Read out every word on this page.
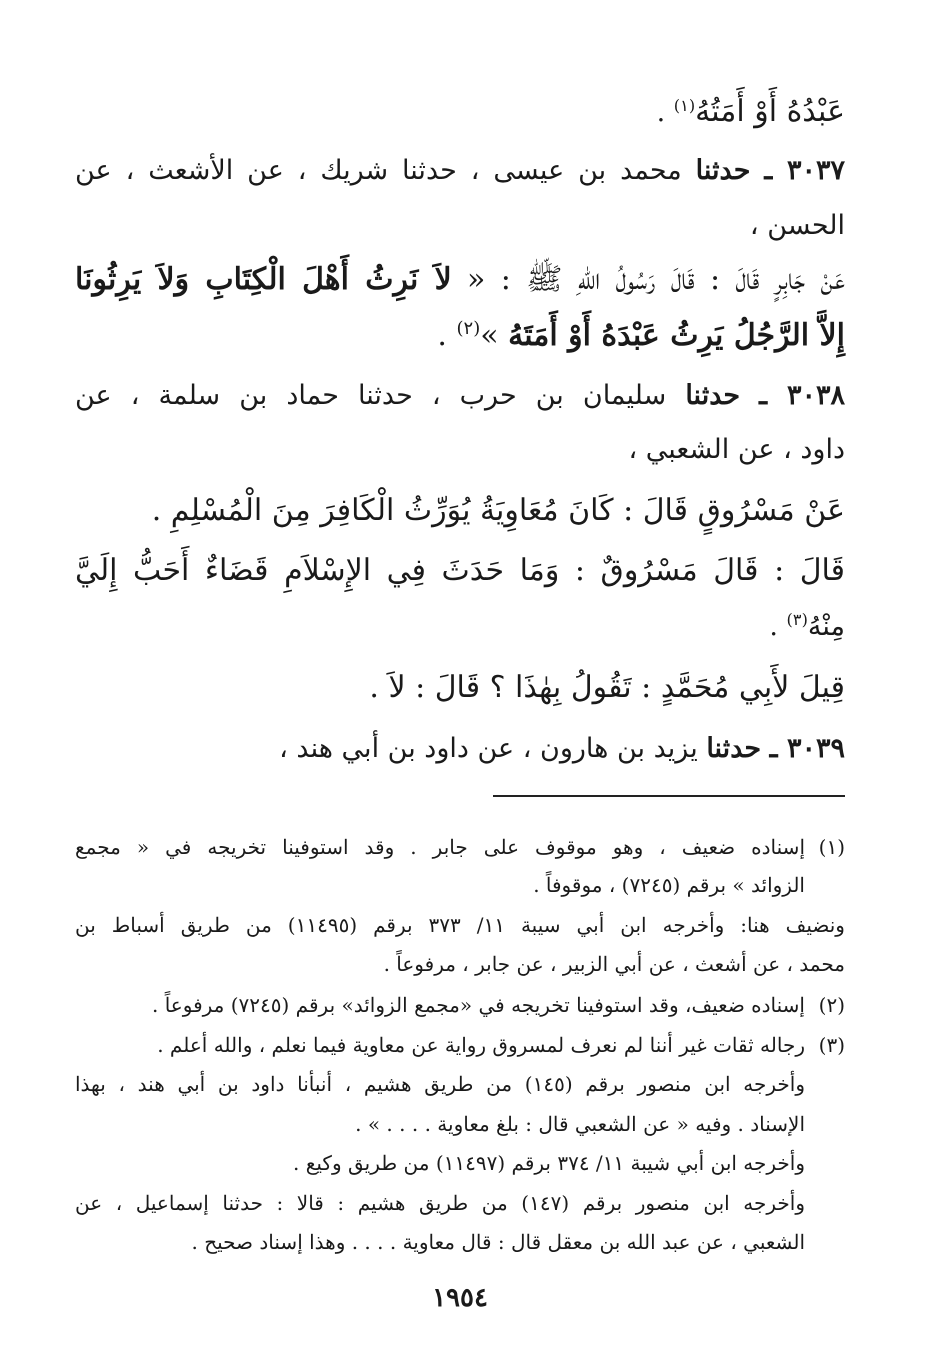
عَبْدُهُ أَوْ أَمَتُهُ$^{(١)}$ .
٣٠٣٧ ـ حدثنا محمد بن عيسى ، حدثنا شريك ، عن الأشعث ، عن
الحسن ،
عَنْ جَابِرٍ قَالَ : قَالَ رَسُولُ اللهِ ﷺ : « لاَ نَرِثُ أَهْلَ الْكِتَابِ وَلاَ يَرِثُونَا
إِلاَّ الرَّجُلُ يَرِثُ عَبْدَهُ أَوْ أَمَتَهُ »$^{(٢)}$ .
٣٠٣٨ ـ حدثنا سليمان بن حرب ، حدثنا حماد بن سلمة ، عن
داود ، عن الشعبي ،
عَنْ مَسْرُوقٍ قَالَ : كَانَ مُعَاوِيَةُ يُوَرِّثُ الْكَافِرَ مِنَ الْمُسْلِمِ .
قَالَ : قَالَ مَسْرُوقٌ : وَمَا حَدَثَ فِي الإِسْلاَمِ قَضَاءٌ أَحَبُّ إِلَيَّ
مِنْهُ$^{(٣)}$ .
قِيلَ لأَبِي مُحَمَّدٍ : تَقُولُ بِهٰذَا ؟ قَالَ : لاَ .
٣٠٣٩ ـ حدثنا يزيد بن هارون ، عن داود بن أبي هند ،
(١)
إسناده ضعيف ، وهو موقوف على جابر . وقد استوفينا تخريجه في « مجمع
الزوائد » برقم (٧٢٤٥) ، موقوفاً .
ونضيف هنا: وأخرجه ابن أبي سيبة ١١/ ٣٧٣ برقم (١١٤٩٥) من طريق أسباط بن
محمد ، عن أشعث ، عن أبي الزبير ، عن جابر ، مرفوعاً .
(٢)
إسناده ضعيف، وقد استوفينا تخريجه في «مجمع الزوائد» برقم (٧٢٤٥) مرفوعاً .
(٣)
رجاله ثقات غير أننا لم نعرف لمسروق رواية عن معاوية فيما نعلم ، والله أعلم .
وأخرجه ابن منصور برقم (١٤٥) من طريق هشيم ، أنبأنا داود بن أبي هند ، بهذا
الإسناد . وفيه « عن الشعبي قال : بلغ معاوية . . . . » .
وأخرجه ابن أبي شيبة ١١/ ٣٧٤ برقم (١١٤٩٧) من طريق وكيع .
وأخرجه ابن منصور برقم (١٤٧) من طريق هشيم : قالا : حدثنا إسماعيل ، عن
الشعبي ، عن عبد الله بن معقل قال : قال معاوية . . . . وهذا إسناد صحيح .
١٩٥٤
